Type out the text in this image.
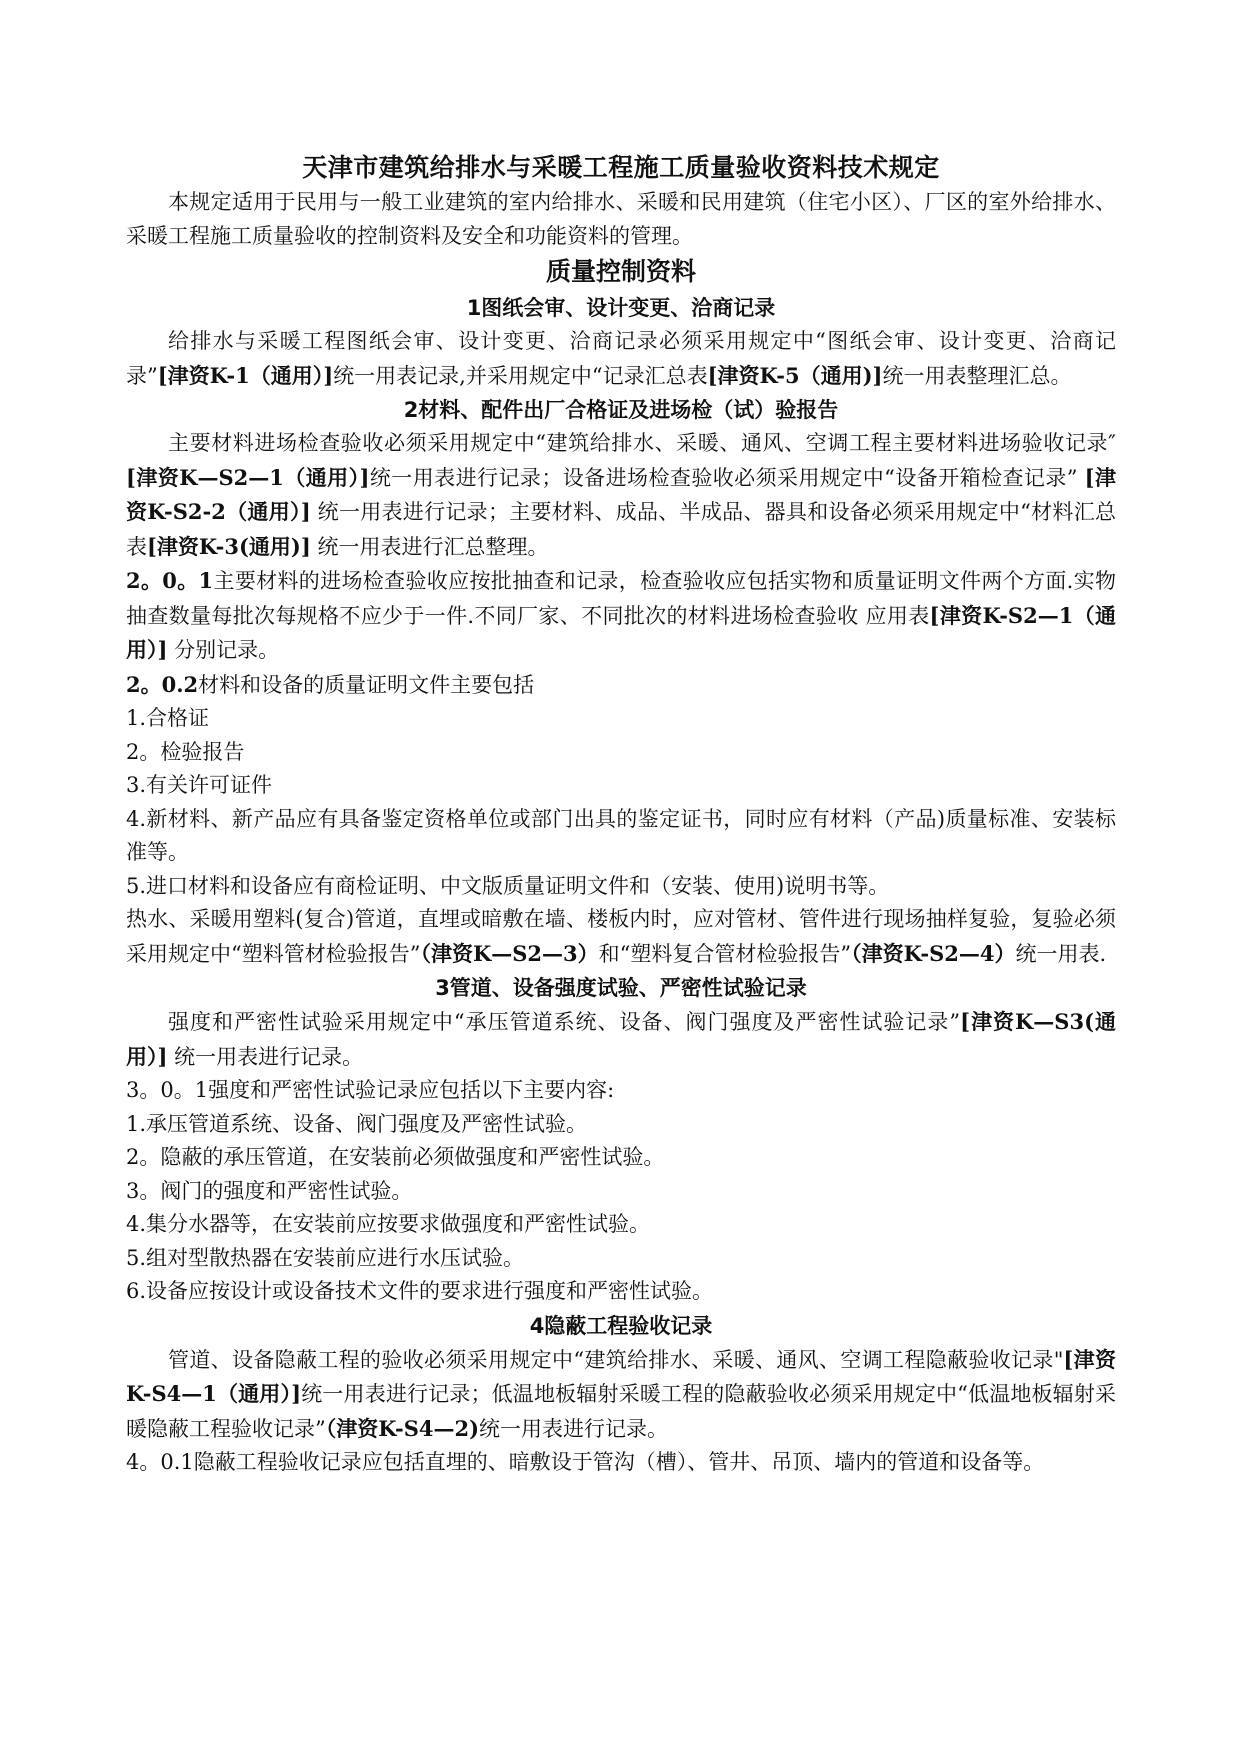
天津市建筑给排水与采暖工程施工质量验收资料技术规定

本规定适用于民用与一般工业建筑的室内给排水、采暖和民用建筑（住宅小区）、厂区的室外给排水、采暖工程施工质量验收的控制资料及安全和功能资料的管理。

质量控制资料
1图纸会审、设计变更、洽商记录

给排水与采暖工程图纸会审、设计变更、洽商记录必须采用规定中“图纸会审、设计变更、洽商记录”[津资K-1（通用）]统一用表记录,并采用规定中“记录汇总表[津资K-5（通用)]统一用表整理汇总。

2材料、配件出厂合格证及进场检（试）验报告

主要材料进场检查验收必须采用规定中“建筑给排水、采暖、通风、空调工程主要材料进场验收记录″[津资K—S2—1（通用）]统一用表进行记录；设备进场检查验收必须采用规定中“设备开箱检查记录” [津资K-S2-2（通用）] 统一用表进行记录；主要材料、成品、半成品、器具和设备必须采用规定中“材料汇总表[津资K-3(通用)] 统一用表进行汇总整理。

2。0。1主要材料的进场检查验收应按批抽查和记录，检查验收应包括实物和质量证明文件两个方面.实物抽查数量每批次每规格不应少于一件.不同厂家、不同批次的材料进场检查验收 应用表[津资K-S2—1（通用）] 分别记录。

2。0.2材料和设备的质量证明文件主要包括

1.合格证

2。检验报告

3.有关许可证件

4.新材料、新产品应有具备鉴定资格单位或部门出具的鉴定证书，同时应有材料（产品)质量标准、安装标准等。

5.进口材料和设备应有商检证明、中文版质量证明文件和（安装、使用)说明书等。

热水、采暖用塑料(复合)管道，直埋或暗敷在墙、楼板内时，应对管材、管件进行现场抽样复验，复验必须采用规定中“塑料管材检验报告”（津资K—S2—3）和“塑料复合管材检验报告”（津资K-S2—4）统一用表.

3管道、设备强度试验、严密性试验记录

强度和严密性试验采用规定中“承压管道系统、设备、阀门强度及严密性试验记录”[津资K—S3(通用）] 统一用表进行记录。

3。0。1强度和严密性试验记录应包括以下主要内容:

1.承压管道系统、设备、阀门强度及严密性试验。

2。隐蔽的承压管道，在安装前必须做强度和严密性试验。

3。阀门的强度和严密性试验。

4.集分水器等，在安装前应按要求做强度和严密性试验。

5.组对型散热器在安装前应进行水压试验。

6.设备应按设计或设备技术文件的要求进行强度和严密性试验。

4隐蔽工程验收记录

管道、设备隐蔽工程的验收必须采用规定中“建筑给排水、采暖、通风、空调工程隐蔽验收记录"[津资K-S4—1（通用）]统一用表进行记录；低温地板辐射采暖工程的隐蔽验收必须采用规定中“低温地板辐射采暖隐蔽工程验收记录”（津资K-S4—2)统一用表进行记录。

4。0.1隐蔽工程验收记录应包括直埋的、暗敷设于管沟（槽）、管井、吊顶、墙内的管道和设备等。
